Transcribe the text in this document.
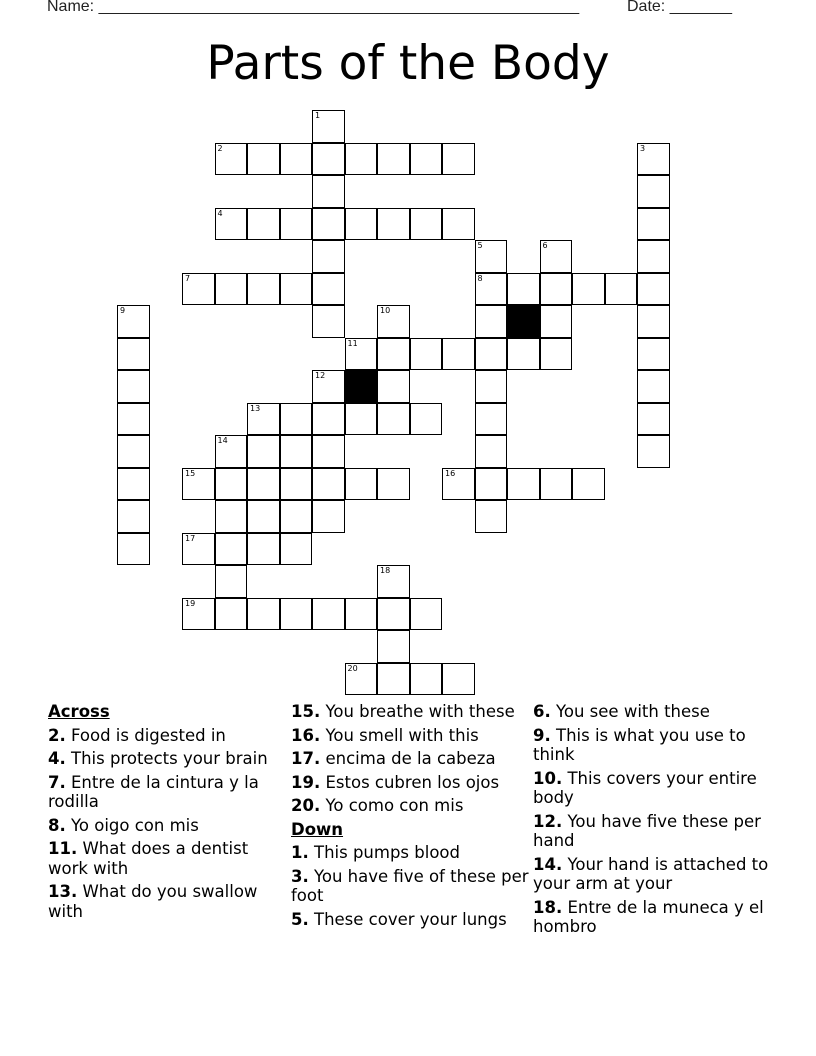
Name: ______________________________________________________	Date: _______
Parts of the Body
1
2	3
4
5	6
7	8
9	10
11
12
13
14
15	16
17
18
19
20
Across
2. Food is digested in
4. This protects your brain
7. Entre de la cintura y la rodilla
8. Yo oigo con mis
11. What does a dentist work with
13. What do you swallow with
15. You breathe with these
16. You smell with this
17. encima de la cabeza
19. Estos cubren los ojos
20. Yo como con mis
Down
1. This pumps blood
3. You have five of these per foot
5. These cover your lungs
6. You see with these
9. This is what you use to think
10. This covers your entire body
12. You have five these per hand
14. Your hand is attached to your arm at your
18. Entre de la muneca y el hombro
